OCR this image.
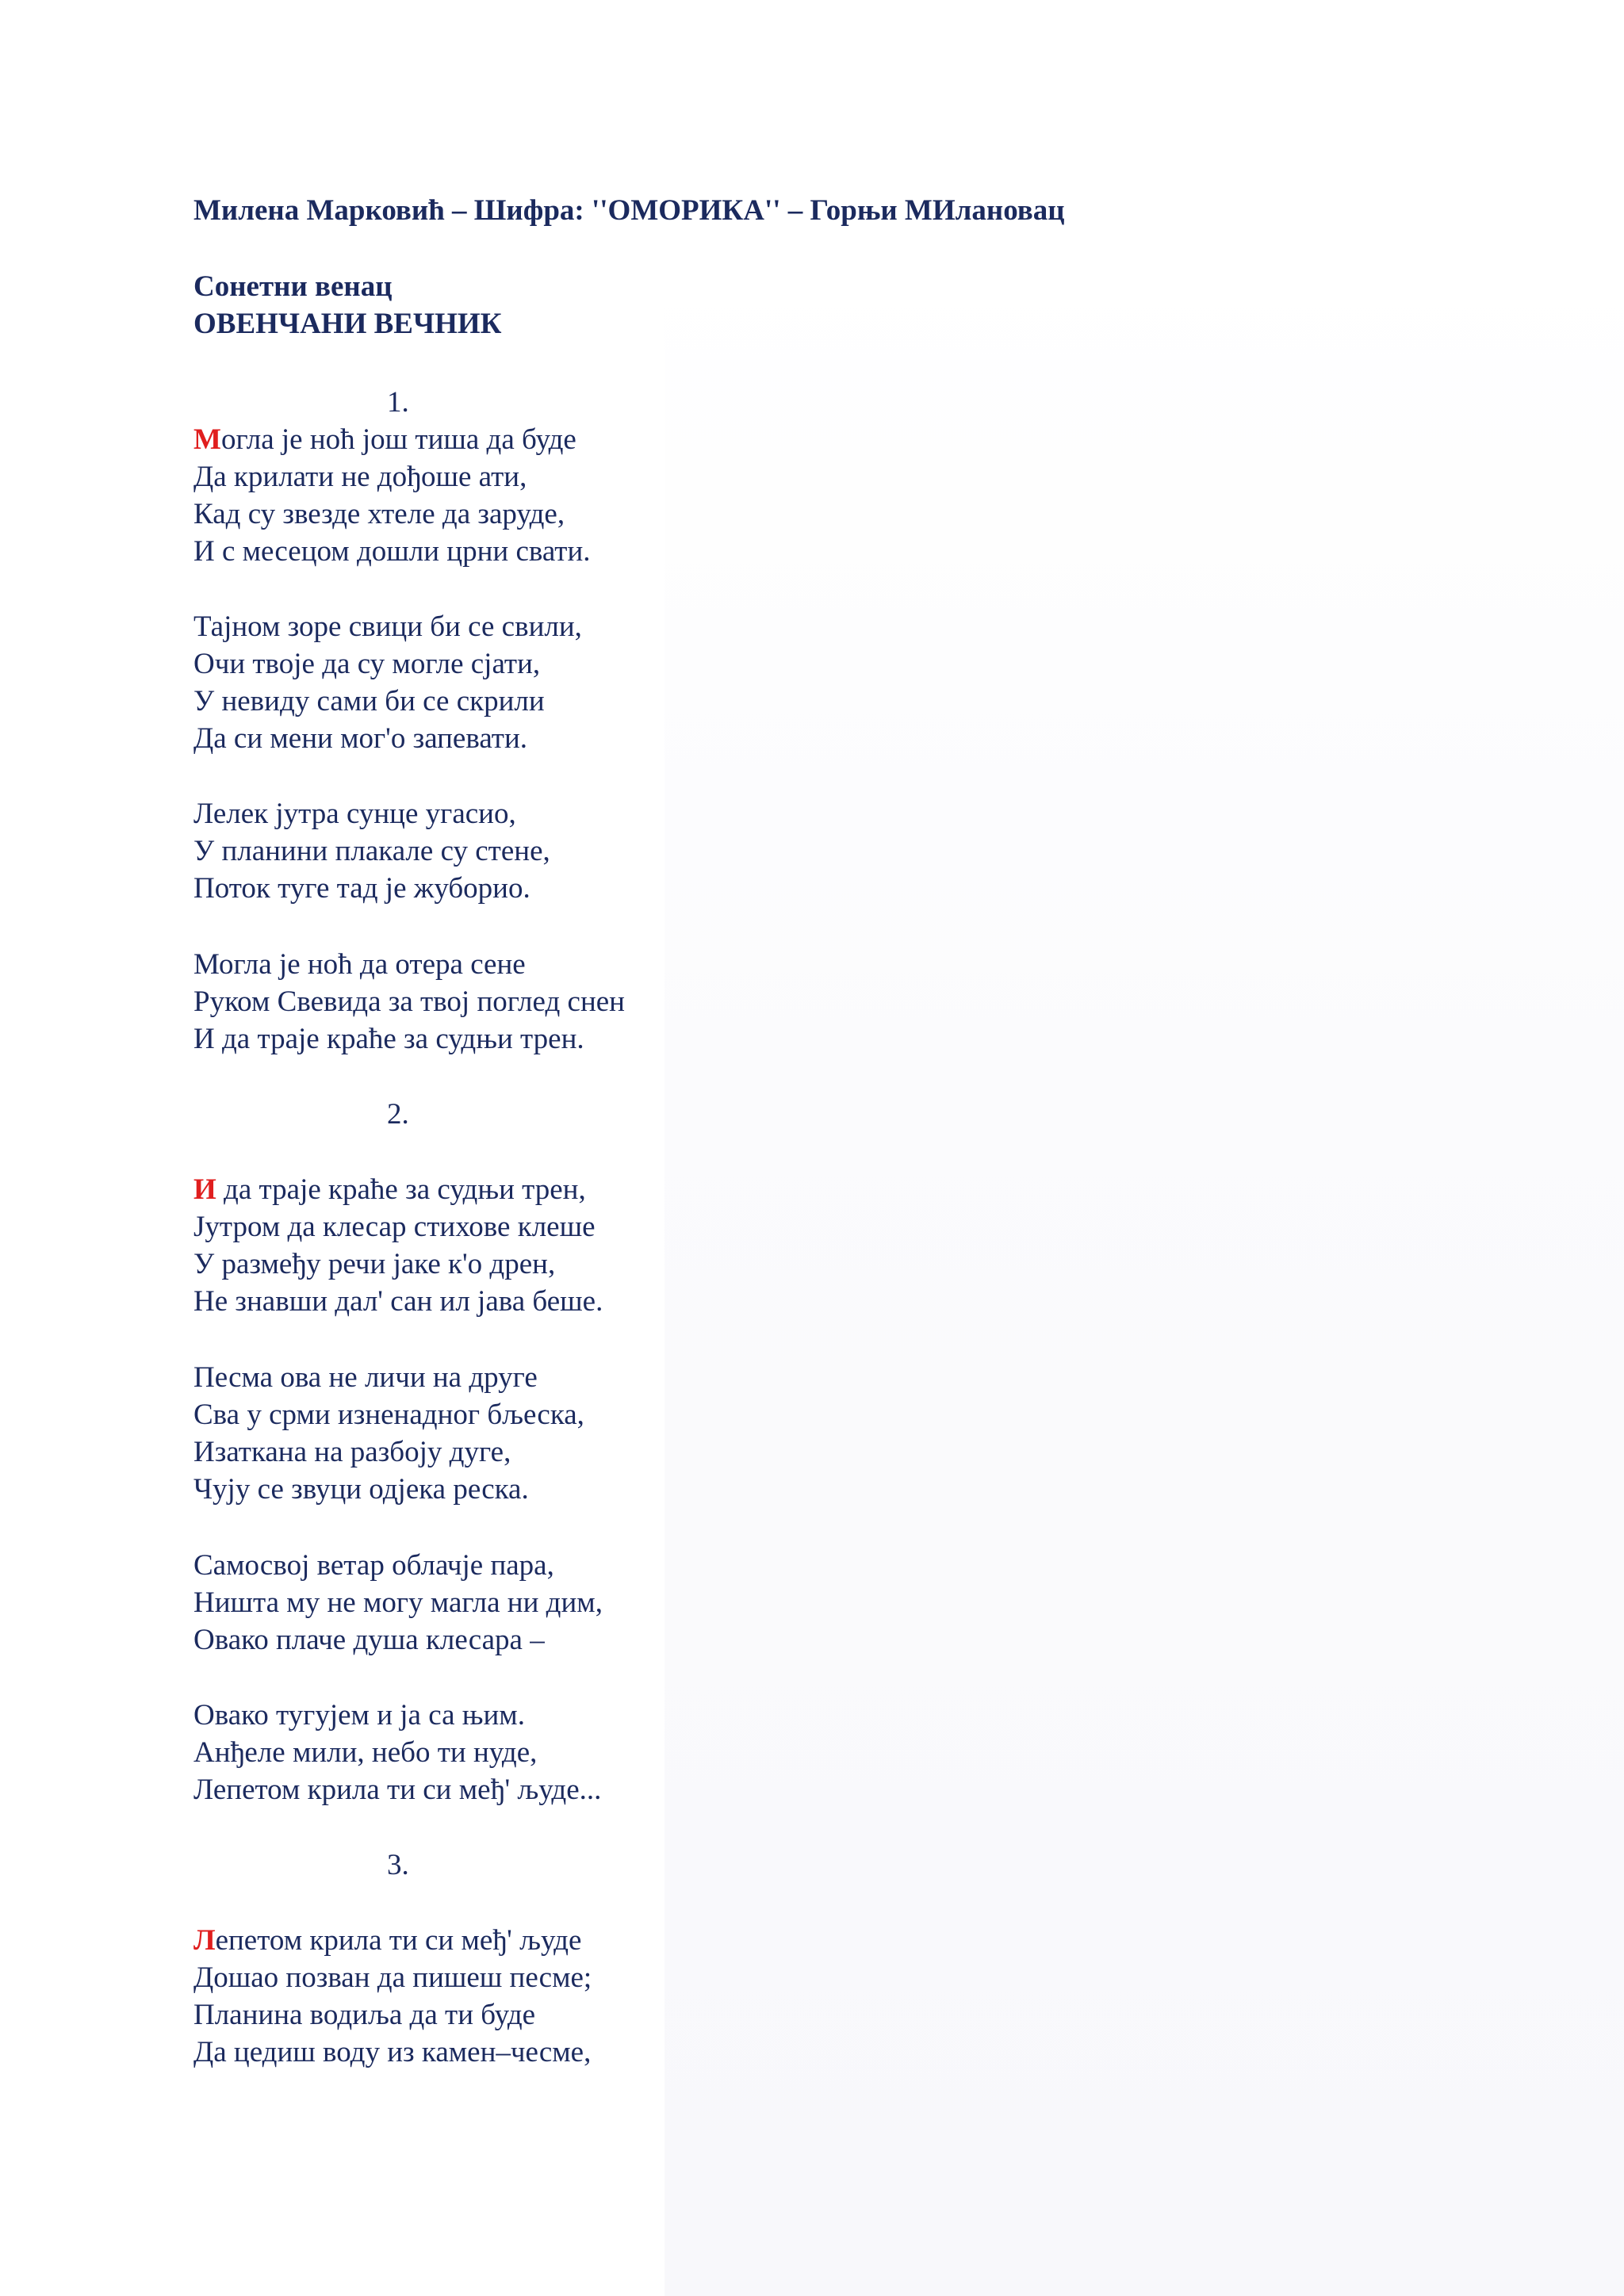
Милена Марковић – Шифра: ''ОМОРИКА'' – Горњи МИлановац
Сонетни венац
ОВЕНЧАНИ ВЕЧНИК
1.
Могла је ноћ још тиша да буде
Да крилати не дођоше ати,
Кад су звезде хтеле да заруде,
И с месецом дошли црни свати.
Тајном зоре свици би се свили,
Очи твоје да су могле сјати,
У невиду сами би се скрили
Да си мени мог'о запевати.
Лелек јутра сунце угасио,
У планини плакале су стене,
Поток туге тад је жуборио.
Могла је ноћ да отера сене
Руком Свевида за твој поглед снен
И да траје краће за судњи трен.
2.
И да траје краће за судњи трен,
Јутром да клесар стихове клеше
У размеђу речи јаке к'о дрен,
Не знавши дал' сан ил јава беше.
Песма ова не личи на друге
Сва у срми изненадног бљеска,
Изаткана на разбоју дуге,
Чују се звуци одјека реска.
Самосвој ветар облачје пара,
Ништа му не могу магла ни дим,
Овако плаче душа клесара –
Овако тугујем и ја са њим.
Анђеле мили, небо ти нуде,
Лепетом крила ти си међ' људе...
3.
Лепетом крила ти си међ' људе
Дошао позван да пишеш песме;
Планина водиља да ти буде
Да цедиш воду из камен–чесме,
